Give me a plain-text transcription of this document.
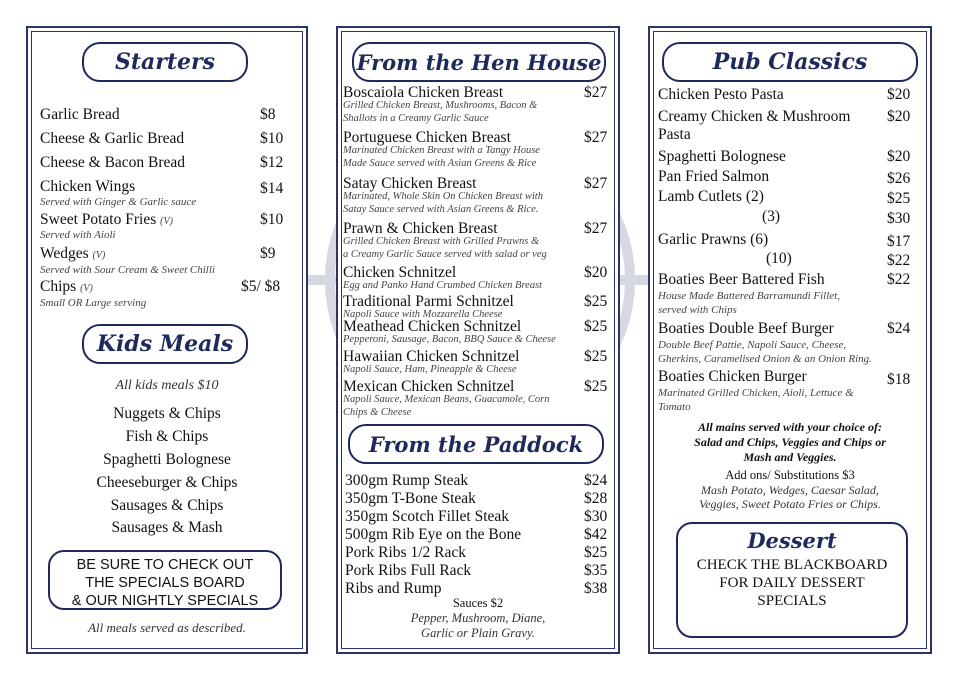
Starters
Garlic Bread	$8
Cheese & Garlic Bread	$10
Cheese & Bacon Bread	$12
Chicken Wings	$14
Served with Ginger & Garlic sauce
Sweet Potato Fries (V)	$10
Served with Aioli
Wedges (V)	$9
Served with Sour Cream & Sweet Chilli
Chips (V)	$5/ $8
Small OR Large serving
Kids Meals
All kids meals $10
Nuggets & Chips
Fish & Chips
Spaghetti Bolognese
Cheeseburger & Chips
Sausages & Chips
Sausages & Mash
BE SURE TO CHECK OUT
THE SPECIALS BOARD
& OUR NIGHTLY SPECIALS
All meals served as described.
From the Hen House
Boscaiola Chicken Breast	$27
Grilled Chicken Breast, Mushrooms, Bacon &
Shallots in a Creamy Garlic Sauce
Portuguese Chicken Breast	$27
Marinated Chicken Breast with a Tangy House
Made Sauce served with Asian Greens & Rice
Satay Chicken Breast	$27
Marinated, Whole Skin On Chicken Breast with
Satay Sauce served with Asian Greens & Rice.
Prawn & Chicken Breast	$27
Grilled Chicken Breast with Grilled Prawns &
a Creamy Garlic Sauce served with salad or veg
Chicken Schnitzel	$20
Egg and Panko Hand Crumbed Chicken Breast
Traditional Parmi Schnitzel	$25
Napoli Sauce with Mozzarella Cheese
Meathead Chicken Schnitzel	$25
Pepperoni, Sausage, Bacon, BBQ Sauce & Cheese
Hawaiian Chicken Schnitzel	$25
Napoli Sauce, Ham, Pineapple & Cheese
Mexican Chicken Schnitzel	$25
Napoli Sauce, Mexican Beans, Guacamole, Corn
Chips & Cheese
From the Paddock
300gm Rump Steak	$24
350gm T-Bone Steak	$28
350gm Scotch Fillet Steak	$30
500gm Rib Eye on the Bone	$42
Pork Ribs 1/2 Rack	$25
Pork Ribs Full Rack	$35
Ribs and Rump	$38
Sauces $2
Pepper, Mushroom, Diane,
Garlic or Plain Gravy.
Pub Classics
Chicken Pesto Pasta	$20
Creamy Chicken & Mushroom
Pasta
$20
Spaghetti Bolognese	$20
Pan Fried Salmon	$26
Lamb Cutlets (2)	$25
(3)	$30
Garlic Prawns (6)	$17
(10)	$22
Boaties Beer Battered Fish	$22
House Made Battered Barramundi Fillet,
served with Chips
Boaties Double Beef Burger	$24
Double Beef Pattie, Napoli Sauce, Cheese,
Gherkins, Caramelised Onion & an Onion Ring.
Boaties Chicken Burger	$18
Marinated Grilled Chicken, Aioli, Lettuce &
Tomato
All mains served with your choice of:
Salad and Chips, Veggies and Chips or
Mash and Veggies.
Add ons/ Substitutions $3
Mash Potato, Wedges, Caesar Salad,
Veggies, Sweet Potato Fries or Chips.
Dessert
CHECK THE BLACKBOARD
FOR DAILY DESSERT
SPECIALS
